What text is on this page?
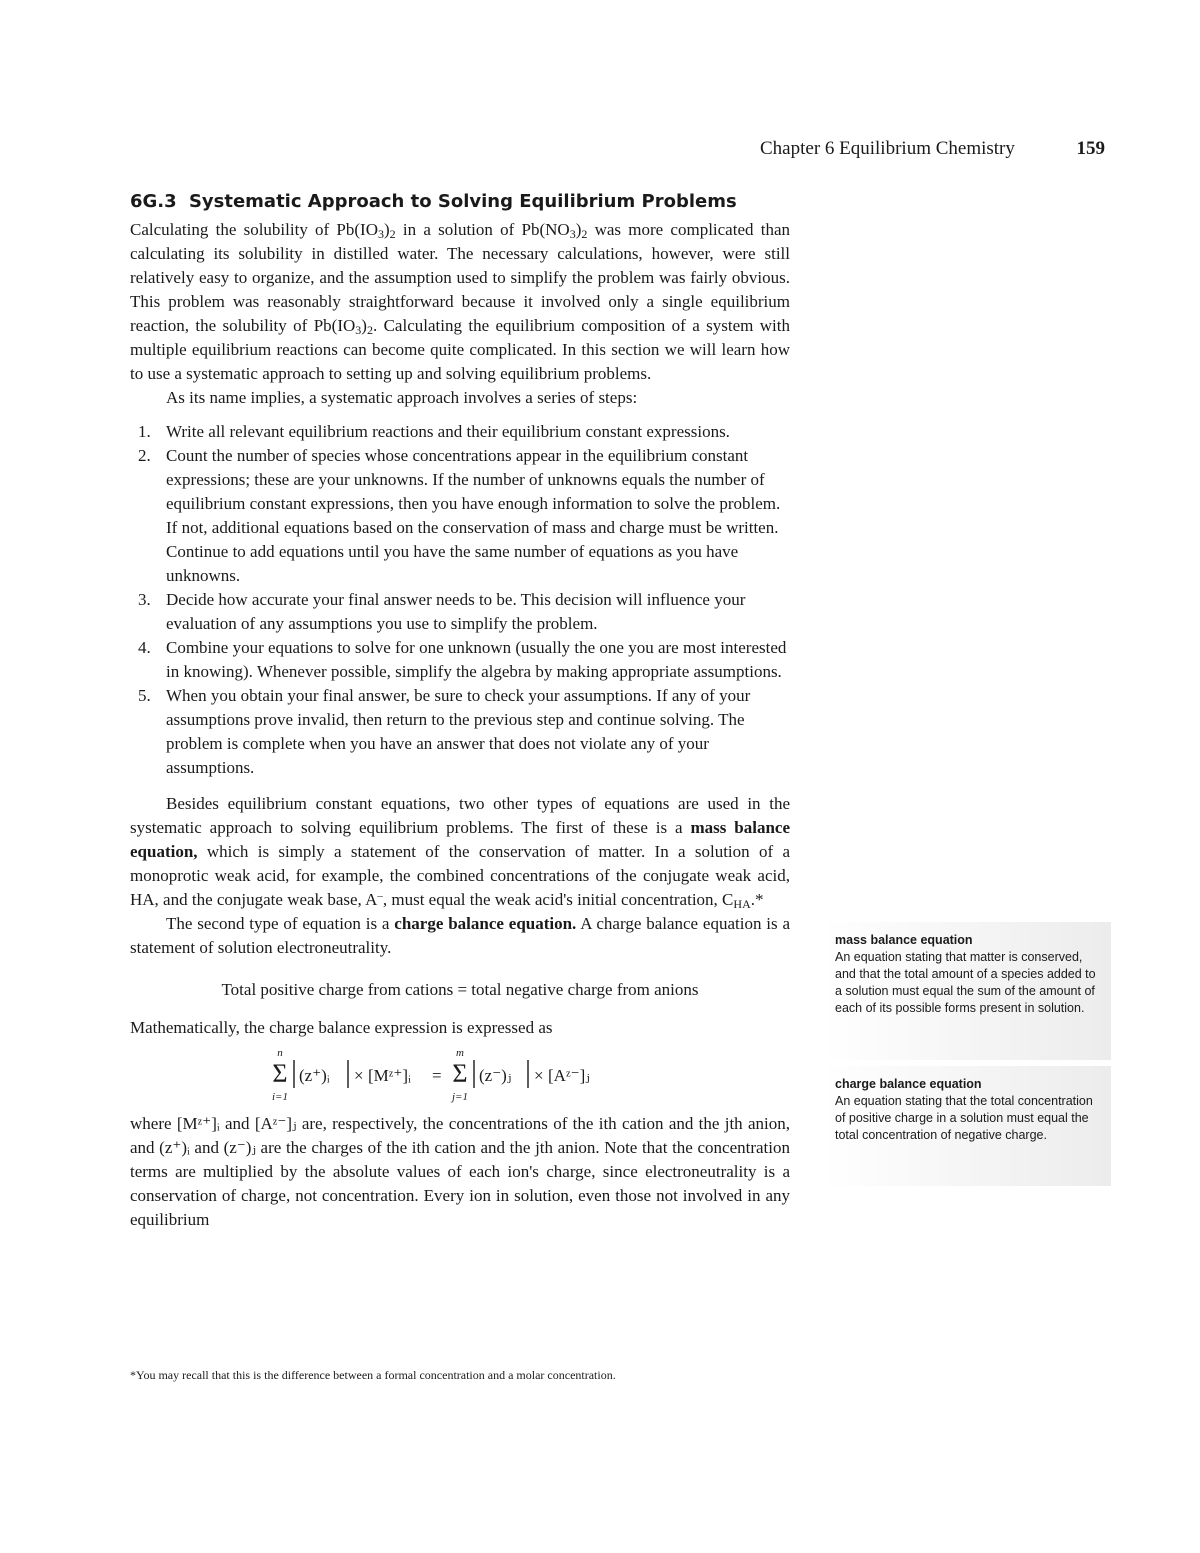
Chapter 6 Equilibrium Chemistry	159
6G.3 Systematic Approach to Solving Equilibrium Problems

Calculating the solubility of $Pb(IO_3)_2$ in a solution of $Pb(NO_3)_2$ was more complicated than calculating its solubility in distilled water. The necessary calculations, however, were still relatively easy to organize, and the assumption used to simplify the problem was fairly obvious. This problem was reasonably straightforward because it involved only a single equilibrium reaction, the solubility of $Pb(IO_3)_2$. Calculating the equilibrium composition of a system with multiple equilibrium reactions can become quite complicated. In this section we will learn how to use a systematic approach to setting up and solving equilibrium problems.

As its name implies, a systematic approach involves a series of steps:

1. Write all relevant equilibrium reactions and their equilibrium constant expressions.
2. Count the number of species whose concentrations appear in the equilibrium constant expressions; these are your unknowns. If the number of unknowns equals the number of equilibrium constant expressions, then you have enough information to solve the problem. If not, additional equations based on the conservation of mass and charge must be written. Continue to add equations until you have the same number of equations as you have unknowns.
3. Decide how accurate your final answer needs to be. This decision will influence your evaluation of any assumptions you use to simplify the problem.
4. Combine your equations to solve for one unknown (usually the one you are most interested in knowing). Whenever possible, simplify the algebra by making appropriate assumptions.
5. When you obtain your final answer, be sure to check your assumptions. If any of your assumptions prove invalid, then return to the previous step and continue solving. The problem is complete when you have an answer that does not violate any of your assumptions.

Besides equilibrium constant equations, two other types of equations are used in the systematic approach to solving equilibrium problems. The first of these is a mass balance equation, which is simply a statement of the conservation of matter. In a solution of a monoprotic weak acid, for example, the combined concentrations of the conjugate weak acid, HA, and the conjugate weak base, A–, must equal the weak acid's initial concentration, $C_{HA}.*$

The second type of equation is a charge balance equation. A charge balance equation is a statement of solution electroneutrality.

Total positive charge from cations = total negative charge from anions

Mathematically, the charge balance expression is expressed as

n
Σ
i=1
(z⁺)ᵢ × [Mᶻ⁺]ᵢ =
m
Σ
j=1
(z⁻)ⱼ × [Aᶻ⁻]ⱼ

where [Mᶻ⁺]ᵢ and [Aᶻ⁻]ⱼ are, respectively, the concentrations of the ith cation and the jth anion, and (z⁺)ᵢ and (z⁻)ⱼ are the charges of the ith cation and the jth anion. Note that the concentration terms are multiplied by the absolute values of each ion's charge, since electroneutrality is a conservation of charge, not concentration. Every ion in solution, even those not involved in any equilibrium

*You may recall that this is the difference between a formal concentration and a molar concentration.
mass balance equation
An equation stating that matter is conserved, and that the total amount of a species added to a solution must equal the sum of the amount of each of its possible forms present in solution.
charge balance equation
An equation stating that the total concentration of positive charge in a solution must equal the total concentration of negative charge.
